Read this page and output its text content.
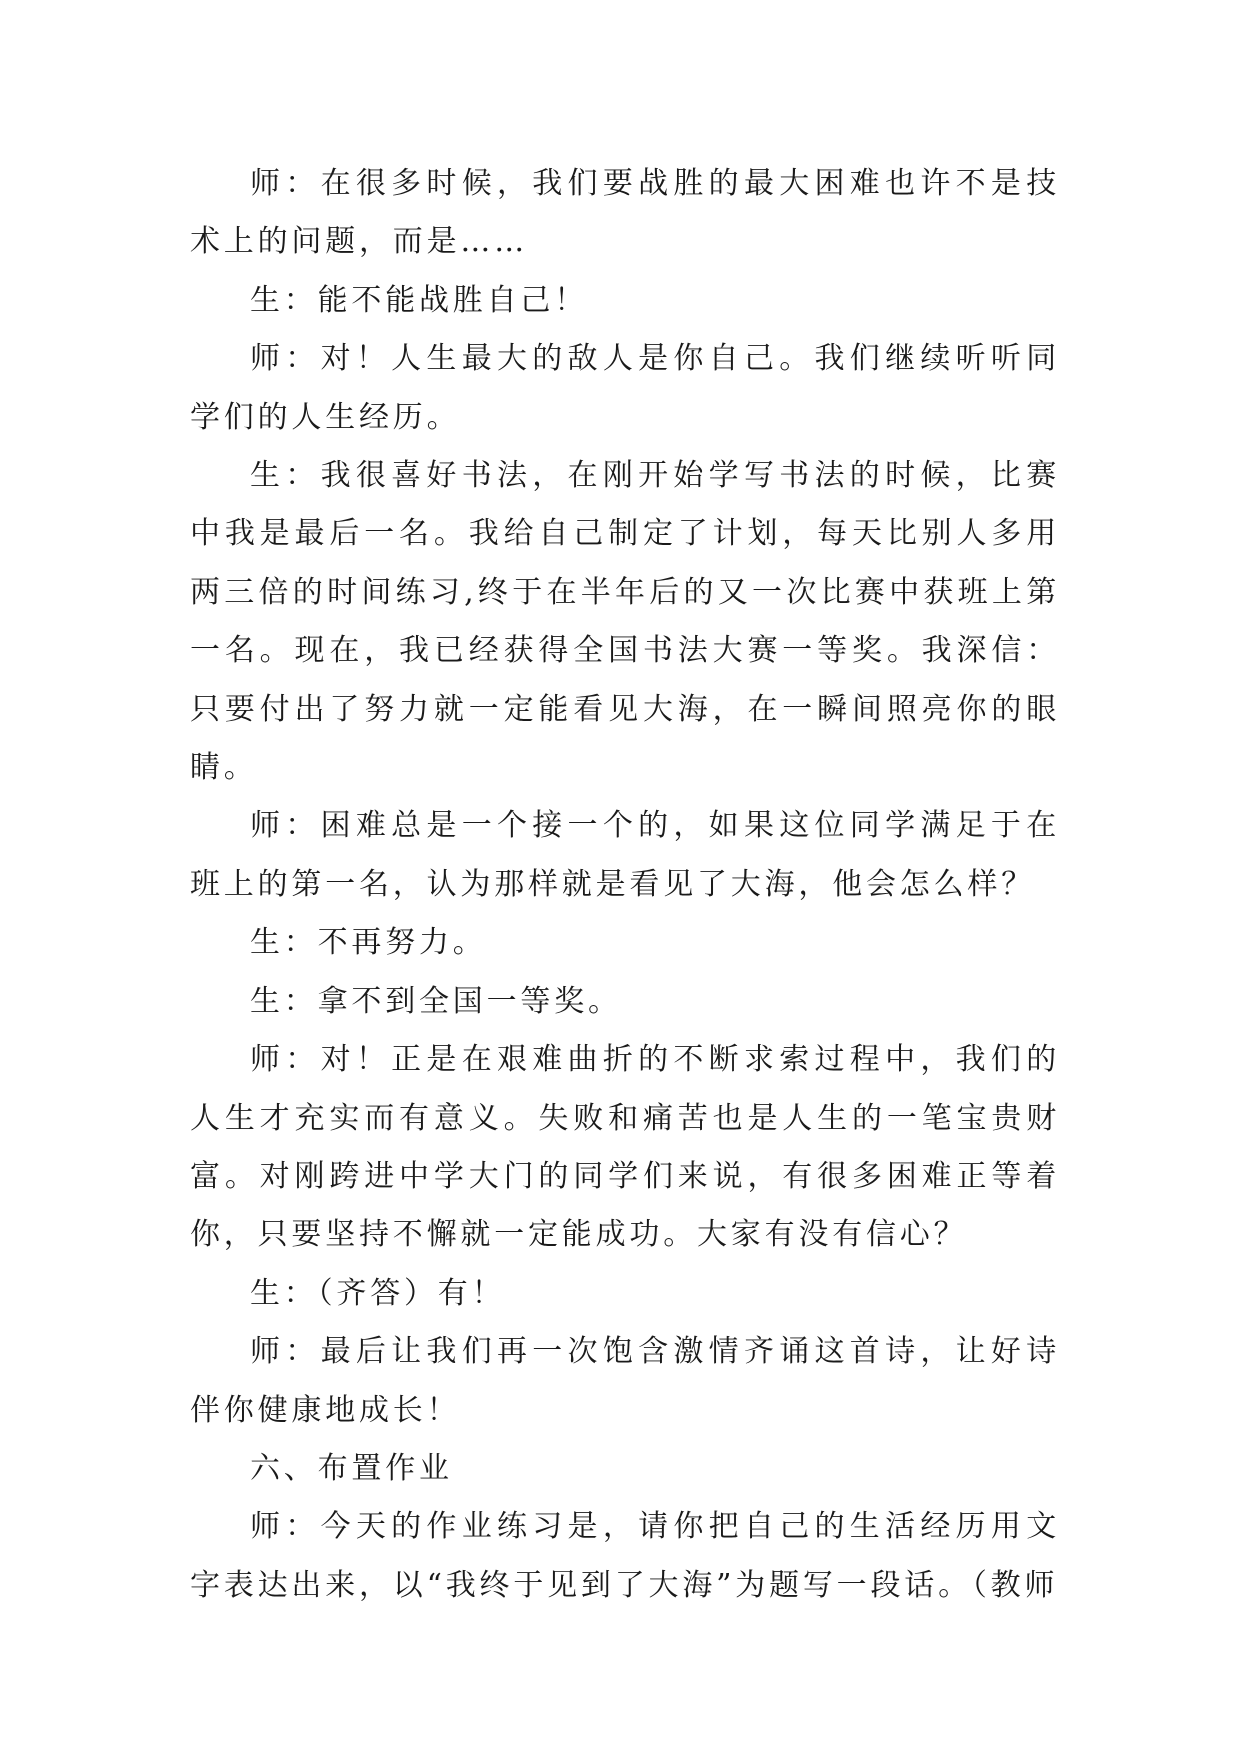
师：在很多时候，我们要战胜的最大困难也许不是技术上的问题，而是……

生：能不能战胜自己！

师：对！人生最大的敌人是你自己。我们继续听听同学们的人生经历。

生：我很喜好书法，在刚开始学写书法的时候，比赛中我是最后一名。我给自己制定了计划，每天比别人多用两三倍的时间练习,终于在半年后的又一次比赛中获班上第一名。现在，我已经获得全国书法大赛一等奖。我深信：只要付出了努力就一定能看见大海，在一瞬间照亮你的眼睛。

师：困难总是一个接一个的，如果这位同学满足于在班上的第一名，认为那样就是看见了大海，他会怎么样？

生：不再努力。

生：拿不到全国一等奖。

师：对！正是在艰难曲折的不断求索过程中，我们的人生才充实而有意义。失败和痛苦也是人生的一笔宝贵财富。对刚跨进中学大门的同学们来说，有很多困难正等着你，只要坚持不懈就一定能成功。大家有没有信心？

生：（齐答）有！

师：最后让我们再一次饱含激情齐诵这首诗，让好诗伴你健康地成长！

六、布置作业

师：今天的作业练习是，请你把自己的生活经历用文字表达出来，以“我终于见到了大海”为题写一段话。（教师
